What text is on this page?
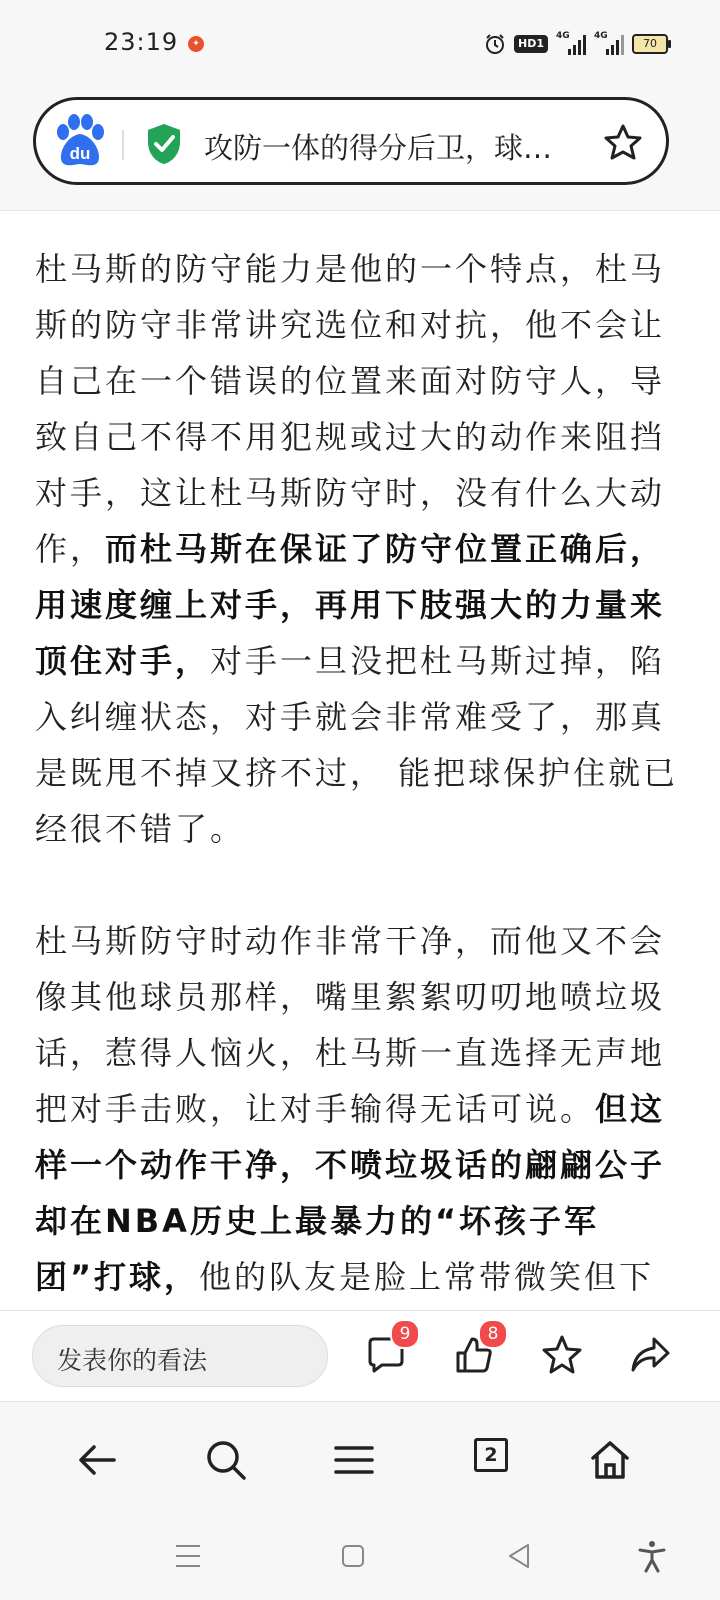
23:19	✦	HD1
4G	4G
70
du	攻防一体的得分后卫，球…

杜马斯的防守能力是他的一个特点，杜马斯的防守非常讲究选位和对抗，他不会让自己在一个错误的位置来面对防守人，导致自己不得不用犯规或过大的动作来阻挡对手，这让杜马斯防守时，没有什么大动作，而杜马斯在保证了防守位置正确后，用速度缠上对手，再用下肢强大的力量来顶住对手，对手一旦没把杜马斯过掉，陷入纠缠状态，对手就会非常难受了，那真是既甩不掉又挤不过， 能把球保护住就已经很不错了。

杜马斯防守时动作非常干净，而他又不会像其他球员那样，嘴里絮絮叨叨地喷垃圾话，惹得人恼火，杜马斯一直选择无声地把对手击败，让对手输得无话可说。但这样一个动作干净，不喷垃圾话的翩翩公子却在NBA历史上最暴力的“坏孩子军团”打球，他的队友是脸上常带微笑但下

发表你的看法
9	8
2
